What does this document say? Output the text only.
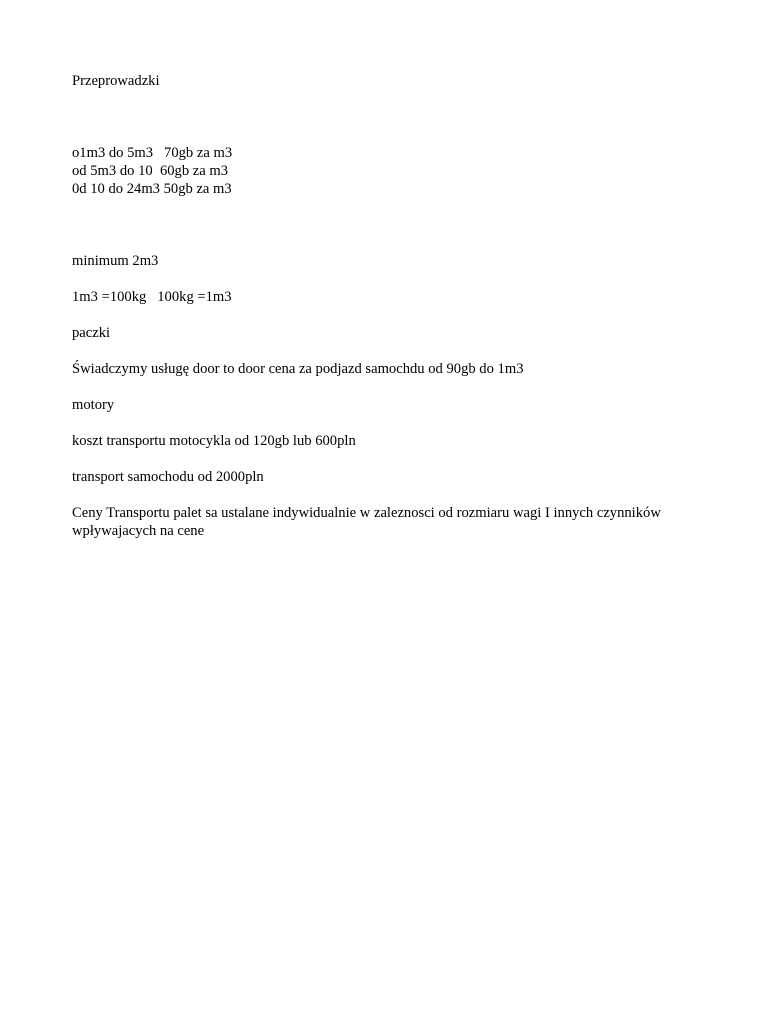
Przeprowadzki

o1m3 do 5m3   70gb za m3
od 5m3 do 10  60gb za m3
0d 10 do 24m3 50gb za m3

minimum 2m3

1m3 =100kg   100kg =1m3

paczki

Świadczymy usługę door to door cena za podjazd samochdu od 90gb do 1m3

motory

koszt transportu motocykla od 120gb lub 600pln

transport samochodu od 2000pln

Ceny Transportu palet sa ustalane indywidualnie w zaleznosci od rozmiaru wagi I innych czynników wpływajacych na cene
